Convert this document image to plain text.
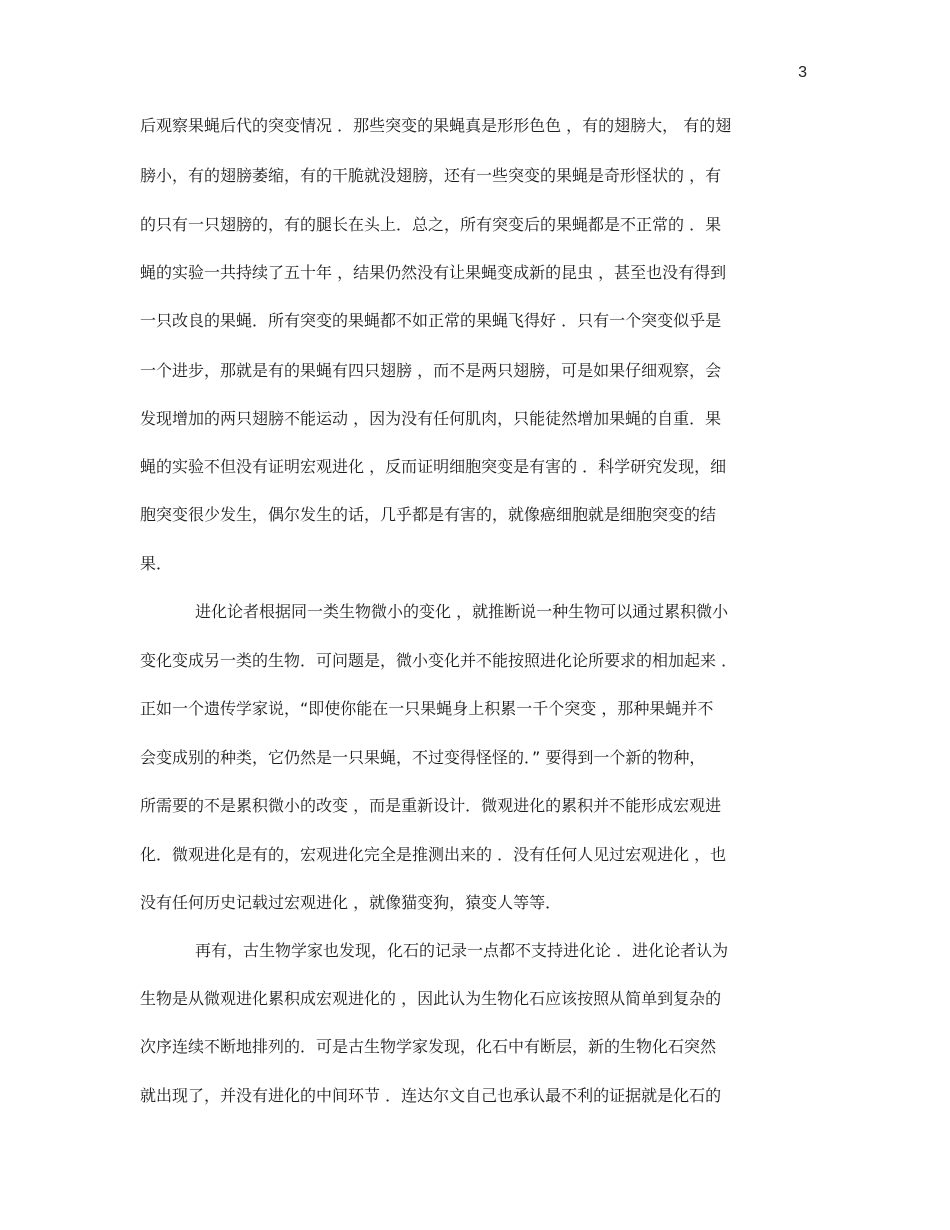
3
后观察果蝇后代的突变情况 ．那些突变的果蝇真是形形色色 ，有的翅膀大， 有的翅
膀小，有的翅膀萎缩，有的干脆就没翅膀，还有一些突变的果蝇是奇形怪状的 ，有
的只有一只翅膀的，有的腿长在头上．总之，所有突变后的果蝇都是不正常的 ．果
蝇的实验一共持续了五十年 ，结果仍然没有让果蝇变成新的昆虫 ，甚至也没有得到
一只改良的果蝇．所有突变的果蝇都不如正常的果蝇飞得好 ．只有一个突变似乎是
一个进步，那就是有的果蝇有四只翅膀 ，而不是两只翅膀，可是如果仔细观察，会
发现增加的两只翅膀不能运动 ，因为没有任何肌肉，只能徒然增加果蝇的自重．果
蝇的实验不但没有证明宏观进化 ，反而证明细胞突变是有害的 ．科学研究发现，细
胞突变很少发生，偶尔发生的话，几乎都是有害的，就像癌细胞就是细胞突变的结
果．
进化论者根据同一类生物微小的变化 ，就推断说一种生物可以通过累积微小
变化变成另一类的生物．可问题是，微小变化并不能按照进化论所要求的相加起来 ．
正如一个遗传学家说，“即使你能在一只果蝇身上积累一千个突变 ，那种果蝇并不
会变成别的种类，它仍然是一只果蝇，不过变得怪怪的．” 要得到一个新的物种，
所需要的不是累积微小的改变 ，而是重新设计．微观进化的累积并不能形成宏观进
化．微观进化是有的，宏观进化完全是推测出来的 ．没有任何人见过宏观进化 ，也
没有任何历史记载过宏观进化 ，就像猫变狗，猿变人等等．
再有，古生物学家也发现，化石的记录一点都不支持进化论 ．进化论者认为
生物是从微观进化累积成宏观进化的 ，因此认为生物化石应该按照从简单到复杂的
次序连续不断地排列的．可是古生物学家发现，化石中有断层，新的生物化石突然
就出现了，并没有进化的中间环节 ．连达尔文自己也承认最不利的证据就是化石的
